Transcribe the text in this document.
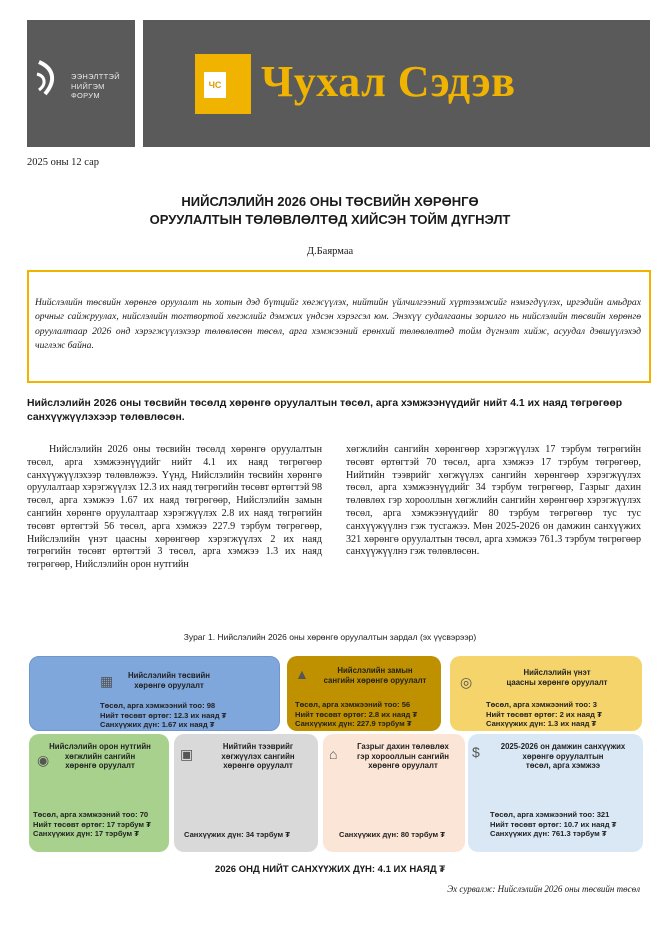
ЭЭНЭЛТТЭЙ
НИЙГЭМ
ФОРУМ
ЧС Чухал Сэдэв
2025 оны 12 сар
НИЙСЛЭЛИЙН 2026 ОНЫ ТӨСВИЙН ХӨРӨНГӨ
ОРУУЛАЛТЫН ТӨЛӨВЛӨЛТӨД ХИЙСЭН ТОЙМ ДҮГНЭЛТ
Д.Баярмаа
Нийслэлийн төсвийн хөрөнгө оруулалт нь хотын дэд бүтцийг хөгжүүлэх, нийтийн үйлчилгээний хүртээмжийг нэмэгдүүлэх, иргэдийн амьдрах орчныг сайжруулах, нийслэлийн тогтвортой хөгжлийг дэмжих үндсэн хэрэгсэл юм. Энэхүү судалгааны зорилго нь нийслэлийн төсвийн хөрөнгө оруулалтаар 2026 онд хэрэгжүүлэхээр төлөвлөсөн төсөл, арга хэмжээний ерөнхий төлөвлөлтөд тойм дүгнэлт хийж, асуудал дэвшүүлэхэд чиглэж байна.
Нийслэлийн 2026 оны төсвийн төсөлд хөрөнгө оруулалтын төсөл, арга хэмжээнүүдийг нийт 4.1 их наяд төгрөгөөр санхүүжүүлэхээр төлөвлөсөн.
Нийслэлийн 2026 оны төсвийн төсөлд хөрөнгө оруулалтын төсөл, арга хэмжээнүүдийг нийт 4.1 их наяд төгрөгөөр санхүүжүүлэхээр төлөвлөжээ. Үүнд, Нийслэлийн төсвийн хөрөнгө оруулалтаар хэрэгжүүлэх 12.3 их наяд төгрөгийн төсөвт өртөгтэй 98 төсөл, арга хэмжээ 1.67 их наяд төгрөгөөр, Нийслэлийн замын сангийн хөрөнгө оруулалтаар хэрэгжүүлэх 2.8 их наяд төгрөгийн төсөвт өртөгтэй 56 төсөл, арга хэмжээ 227.9 тэрбум төгрөгөөр, Нийслэлийн үнэт цаасны хөрөнгөөр хэрэгжүүлэх 2 их наяд төгрөгийн төсөвт өртөгтэй 3 төсөл, арга хэмжээ 1.3 их наяд төгрөгөөр, Нийслэлийн орон нутгийн
хөгжлийн сангийн хөрөнгөөр хэрэгжүүлэх 17 тэрбум төгрөгийн төсөвт өртөгтэй 70 төсөл, арга хэмжээ 17 тэрбум төгрөгөөр, Нийтийн тээврийг хөгжүүлэх сангийн хөрөнгөөр хэрэгжүүлэх төсөл, арга хэмжээнүүдийг 34 тэрбум төгрөгөөр, Газрыг дахин төлөвлөх гэр хорооллын хөгжлийн сангийн хөрөнгөөр хэрэгжүүлэх төсөл, арга хэмжээнүүдийг 80 тэрбум төгрөгөөр тус тус санхүүжүүлнэ гэж тусгажээ. Мөн 2025-2026 он дамжин санхүүжих 321 хөрөнгө оруулалтын төсөл, арга хэмжээ 761.3 тэрбум төгрөгөөр санхүүжүүлнэ гэж төлөвлөсөн.
Зураг 1. Нийслэлийн 2026 оны хөрөнгө оруулалтын зардал (эх үүсвэрээр)
▦	Нийслэлийн төсвийн
хөрөнгө оруулалт
Төсөл, арга хэмжээний тоо: 98
Нийт төсөвт өртөг: 12.3 их наяд ₮
Санхүүжих дүн: 1.67 их наяд ₮
▲	Нийслэлийн замын
сангийн хөрөнгө оруулалт
Төсөл, арга хэмжээний тоо: 56
Нийт төсөвт өртөг: 2.8 их наяд ₮
Санхүүжих дүн: 227.9 тэрбум ₮
◎
Нийслэлийн үнэт
цаасны хөрөнгө оруулалт
Төсөл, арга хэмжээний тоо: 3
Нийт төсөвт өртөг: 2 их наяд ₮
Санхүүжих дүн: 1.3 их наяд ₮
◉
Нийслэлийн орон нутгийн
хөгжлийн сангийн
хөрөнгө оруулалт
Төсөл, арга хэмжээний тоо: 70
Нийт төсөвт өртөг: 17 тэрбум ₮
Санхүүжих дүн: 17 тэрбум ₮
▣	Нийтийн тээврийг
хөгжүүлэх сангийн
хөрөнгө оруулалт
Санхүүжих дүн: 34 тэрбум ₮
⌂	Газрыг дахин төлөвлөх
гэр хорооллын сангийн
хөрөнгө оруулалт
Санхүүжих дүн: 80 тэрбум ₮
$	2025-2026 он дамжин санхүүжих
хөрөнгө оруулалтын
төсөл, арга хэмжээ
Төсөл, арга хэмжээний тоо: 321
Нийт төсөвт өртөг: 10.7 их наяд ₮
Санхүүжих дүн: 761.3 тэрбум ₮
2026 ОНД НИЙТ САНХҮҮЖИХ ДҮН: 4.1 ИХ НАЯД ₮
Эх сурвалж: Нийслэлийн 2026 оны төсвийн төсөл
